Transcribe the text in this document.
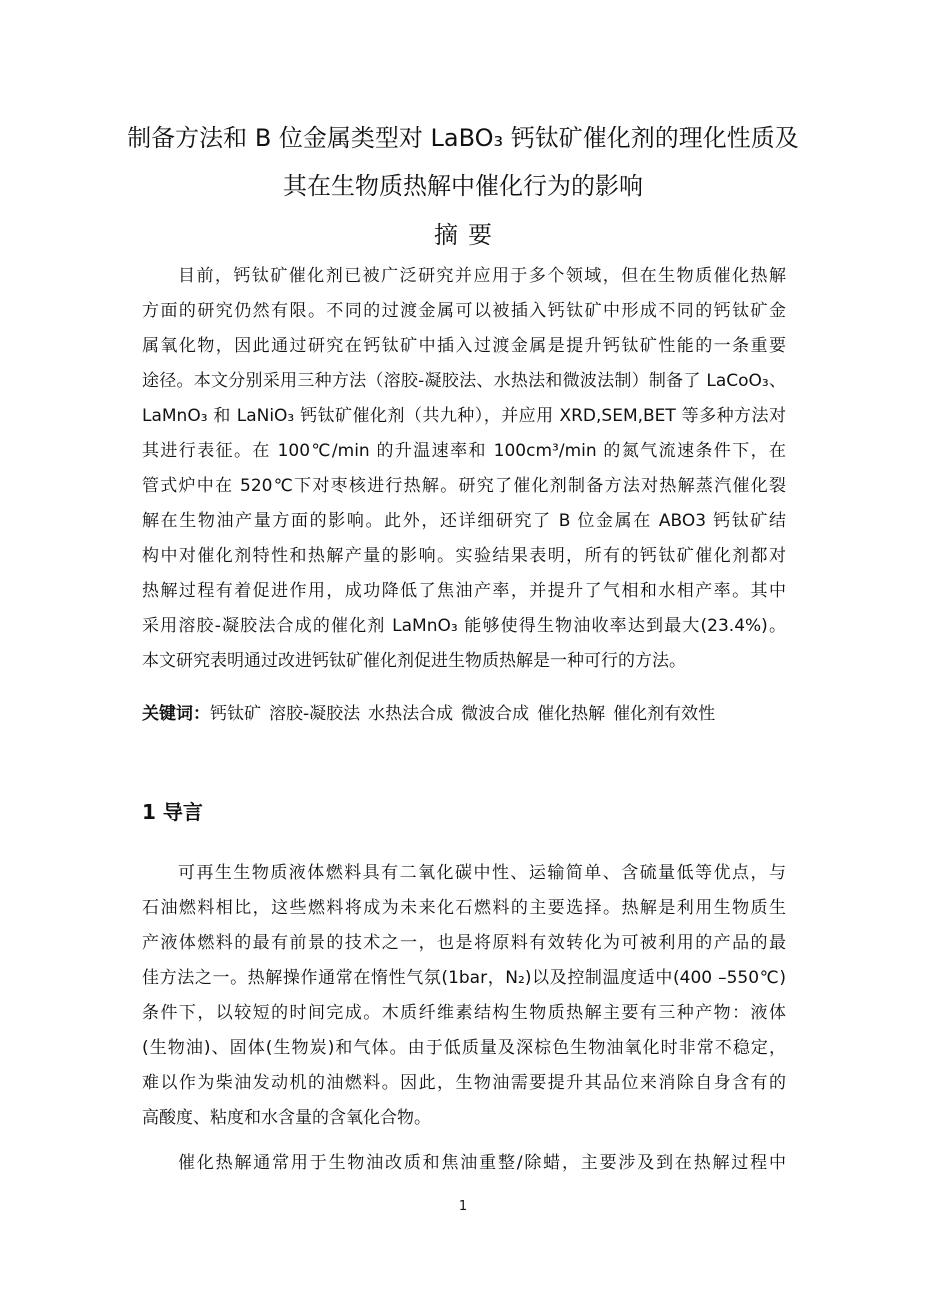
制备方法和 B 位金属类型对 LaBO₃ 钙钛矿催化剂的理化性质及
其在生物质热解中催化行为的影响
摘要
目前，钙钛矿催化剂已被广泛研究并应用于多个领域，但在生物质催化热解
方面的研究仍然有限。不同的过渡金属可以被插入钙钛矿中形成不同的钙钛矿金
属氧化物，因此通过研究在钙钛矿中插入过渡金属是提升钙钛矿性能的一条重要
途径。本文分别采用三种方法（溶胶-凝胶法、水热法和微波法制）制备了 LaCoO₃、
LaMnO₃ 和 LaNiO₃ 钙钛矿催化剂（共九种），并应用 XRD,SEM,BET 等多种方法对
其进行表征。在 100℃/min 的升温速率和 100cm³/min 的氮气流速条件下，在
管式炉中在 520℃下对枣核进行热解。研究了催化剂制备方法对热解蒸汽催化裂
解在生物油产量方面的影响。此外，还详细研究了 B 位金属在 ABO3 钙钛矿结
构中对催化剂特性和热解产量的影响。实验结果表明，所有的钙钛矿催化剂都对
热解过程有着促进作用，成功降低了焦油产率，并提升了气相和水相产率。其中
采用溶胶-凝胶法合成的催化剂 LaMnO₃ 能够使得生物油收率达到最大(23.4%)。
本文研究表明通过改进钙钛矿催化剂促进生物质热解是一种可行的方法。
关键词：钙钛矿 溶胶-凝胶法 水热法合成 微波合成 催化热解 催化剂有效性
1 导言
可再生生物质液体燃料具有二氧化碳中性、运输简单、含硫量低等优点，与
石油燃料相比，这些燃料将成为未来化石燃料的主要选择。热解是利用生物质生
产液体燃料的最有前景的技术之一，也是将原料有效转化为可被利用的产品的最
佳方法之一。热解操作通常在惰性气氛(1bar，N₂)以及控制温度适中(400 –550℃)
条件下，以较短的时间完成。木质纤维素结构生物质热解主要有三种产物：液体
(生物油)、固体(生物炭)和气体。由于低质量及深棕色生物油氧化时非常不稳定，
难以作为柴油发动机的油燃料。因此，生物油需要提升其品位来消除自身含有的
高酸度、粘度和水含量的含氧化合物。
催化热解通常用于生物油改质和焦油重整/除蜡，主要涉及到在热解过程中
1
